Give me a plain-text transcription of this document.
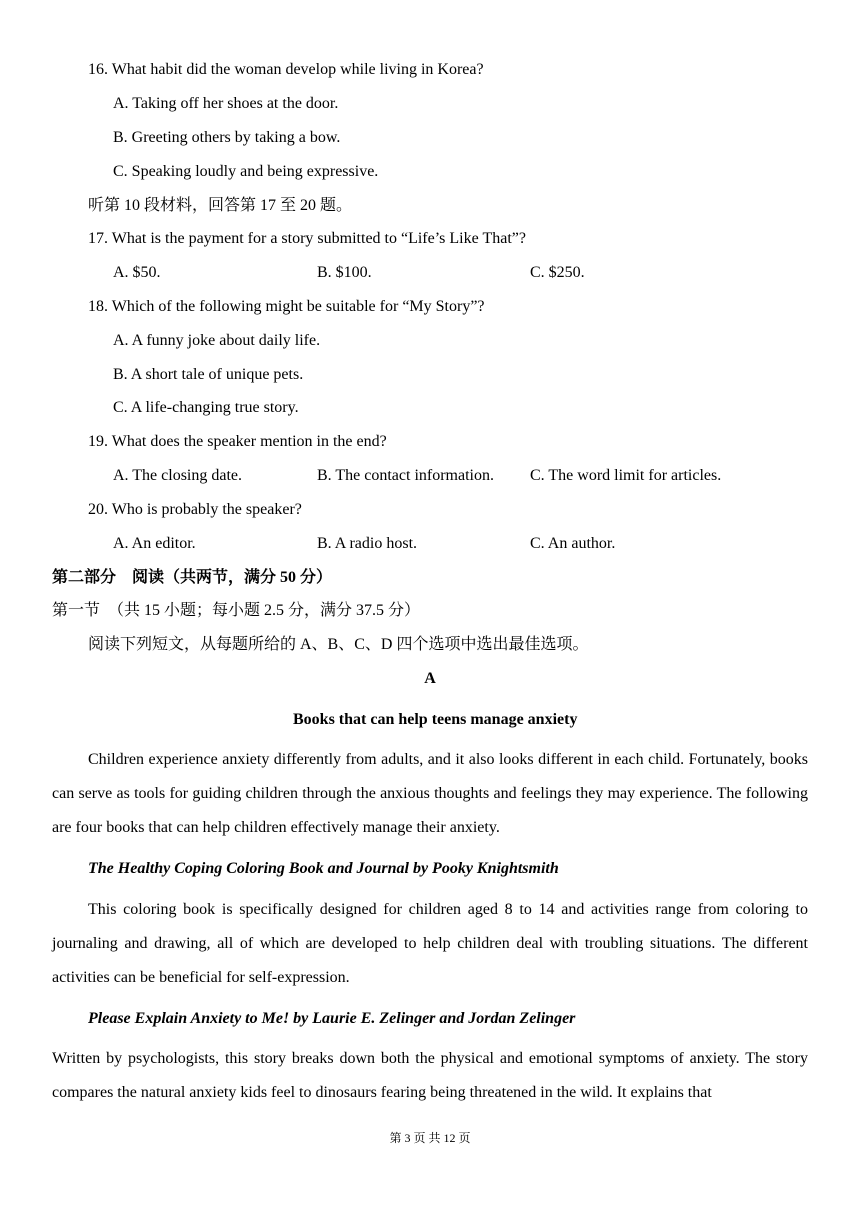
16. What habit did the woman develop while living in Korea?
A. Taking off her shoes at the door.
B. Greeting others by taking a bow.
C. Speaking loudly and being expressive.
听第 10 段材料，回答第 17 至 20 题。
17. What is the payment for a story submitted to “Life’s Like That”?
A. $50.	B. $100.	C. $250.
18. Which of the following might be suitable for “My Story”?
A. A funny joke about daily life.
B. A short tale of unique pets.
C. A life-changing true story.
19. What does the speaker mention in the end?
A. The closing date.	B. The contact information. C. The word limit for articles.
20. Who is probably the speaker?
A. An editor.	B. A radio host.	C. An author.
第二部分　阅读（共两节，满分 50 分）
第一节　（共 15 小题；每小题 2.5 分，满分 37.5 分）
阅读下列短文，从每题所给的 A、B、C、D 四个选项中选出最佳选项。
A
Books that can help teens manage anxiety
Children experience anxiety differently from adults, and it also looks different in each child. Fortunately, books can serve as tools for guiding children through the anxious thoughts and feelings they may experience. The following are four books that can help children effectively manage their anxiety.
The Healthy Coping Coloring Book and Journal by Pooky Knightsmith
This coloring book is specifically designed for children aged 8 to 14 and activities range from coloring to journaling and drawing, all of which are developed to help children deal with troubling situations. The different activities can be beneficial for self-expression.
Please Explain Anxiety to Me! by Laurie E. Zelinger and Jordan Zelinger
Written by psychologists, this story breaks down both the physical and emotional symptoms of anxiety. The story compares the natural anxiety kids feel to dinosaurs fearing being threatened in the wild. It explains that
第 3 页 共 12 页
